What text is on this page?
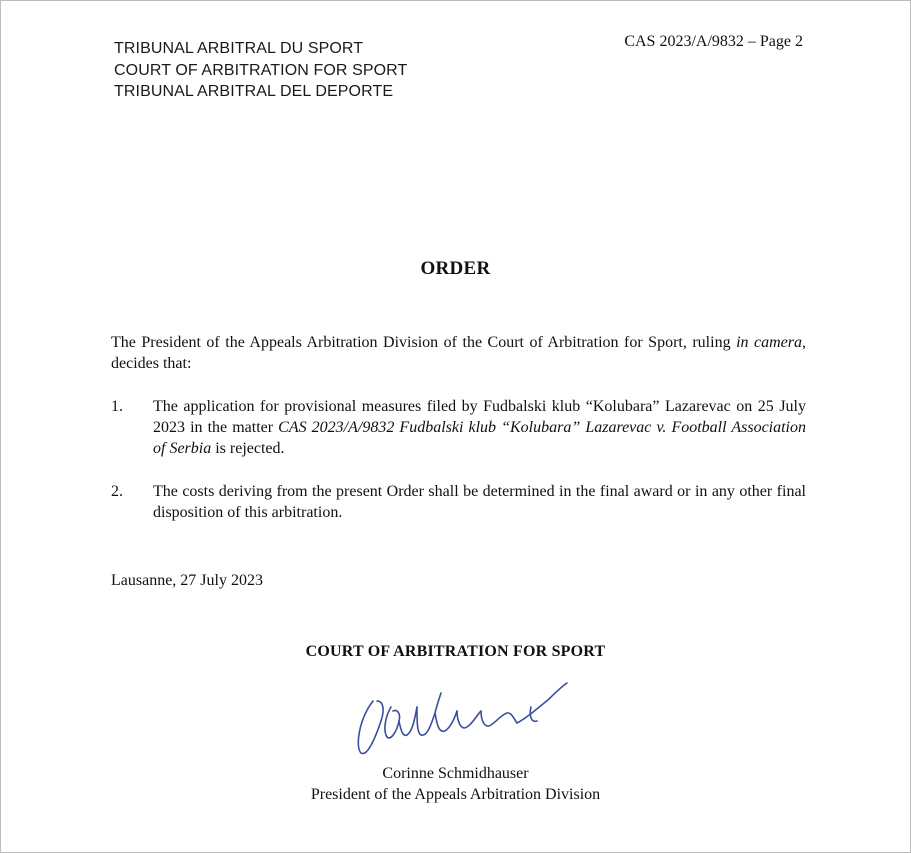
TRIBUNAL ARBITRAL DU SPORT
COURT OF ARBITRATION FOR SPORT
TRIBUNAL ARBITRAL DEL DEPORTE
CAS 2023/A/9832 – Page 2
ORDER
The President of the Appeals Arbitration Division of the Court of Arbitration for Sport, ruling in camera, decides that:
1.	The application for provisional measures filed by Fudbalski klub “Kolubara” Lazarevac on 25 July 2023 in the matter CAS 2023/A/9832 Fudbalski klub “Kolubara” Lazarevac v. Football Association of Serbia is rejected.
2.	The costs deriving from the present Order shall be determined in the final award or in any other final disposition of this arbitration.
Lausanne, 27 July 2023
COURT OF ARBITRATION FOR SPORT
Corinne Schmidhauser
President of the Appeals Arbitration Division
